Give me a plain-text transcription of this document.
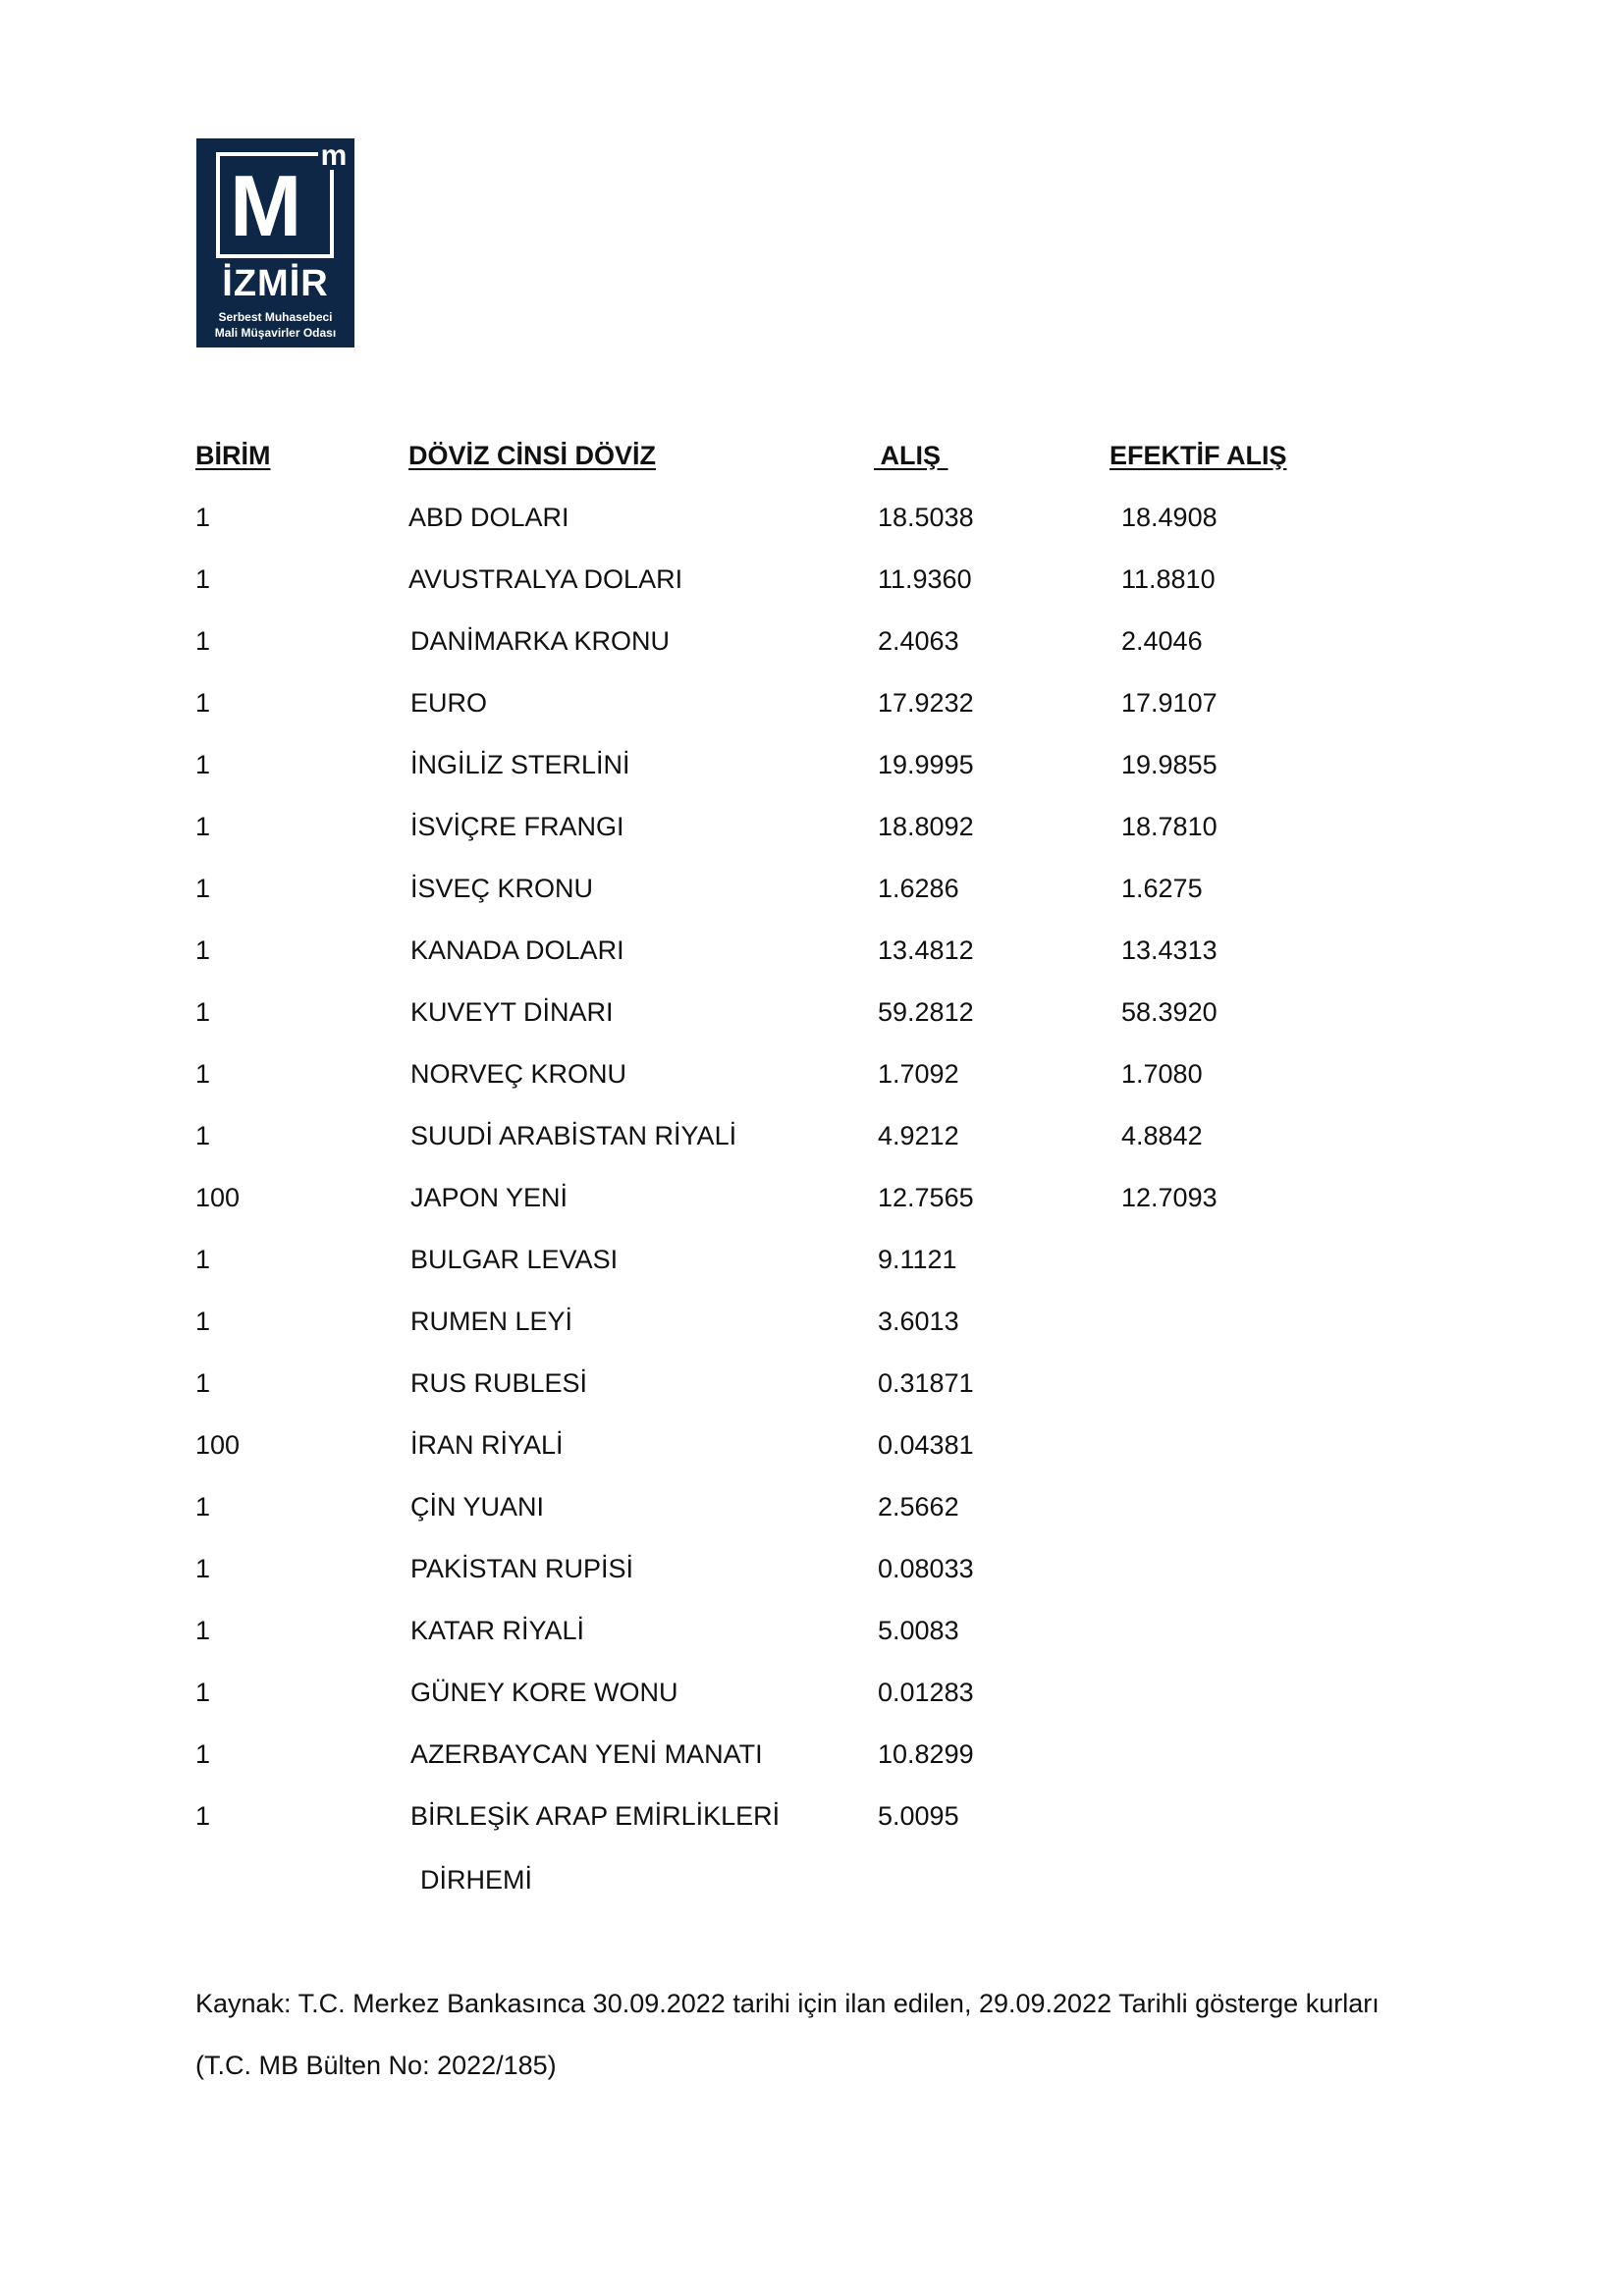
M
m
İZMİR
Serbest Muhasebeci
Mali Müşavirler Odası
BİRİM	DÖVİZ CİNSİ DÖVİZ	ALIŞ	EFEKTİF ALIŞ
1	ABD DOLARI	18.5038	18.4908
1	AVUSTRALYA DOLARI	11.9360	11.8810
1	DANİMARKA KRONU	2.4063	2.4046
1	EURO	17.9232	17.9107
1	İNGİLİZ STERLİNİ	19.9995	19.9855
1	İSVİÇRE FRANGI	18.8092	18.7810
1	İSVEÇ KRONU	1.6286	1.6275
1	KANADA DOLARI	13.4812	13.4313
1	KUVEYT DİNARI	59.2812	58.3920
1	NORVEÇ KRONU	1.7092	1.7080
1	SUUDİ ARABİSTAN RİYALİ	4.9212	4.8842
100	JAPON YENİ	12.7565	12.7093
1	BULGAR LEVASI	9.1121
1	RUMEN LEYİ	3.6013
1	RUS RUBLESİ	0.31871
100	İRAN RİYALİ	0.04381
1	ÇİN YUANI	2.5662
1	PAKİSTAN RUPİSİ	0.08033
1	KATAR RİYALİ	5.0083
1	GÜNEY KORE WONU	0.01283
1	AZERBAYCAN YENİ MANATI	10.8299
1	BİRLEŞİK ARAP EMİRLİKLERİ	5.0095
DİRHEMİ
Kaynak: T.C. Merkez Bankasınca 30.09.2022 tarihi için ilan edilen, 29.09.2022 Tarihli gösterge kurları
(T.C. MB Bülten No: 2022/185)
